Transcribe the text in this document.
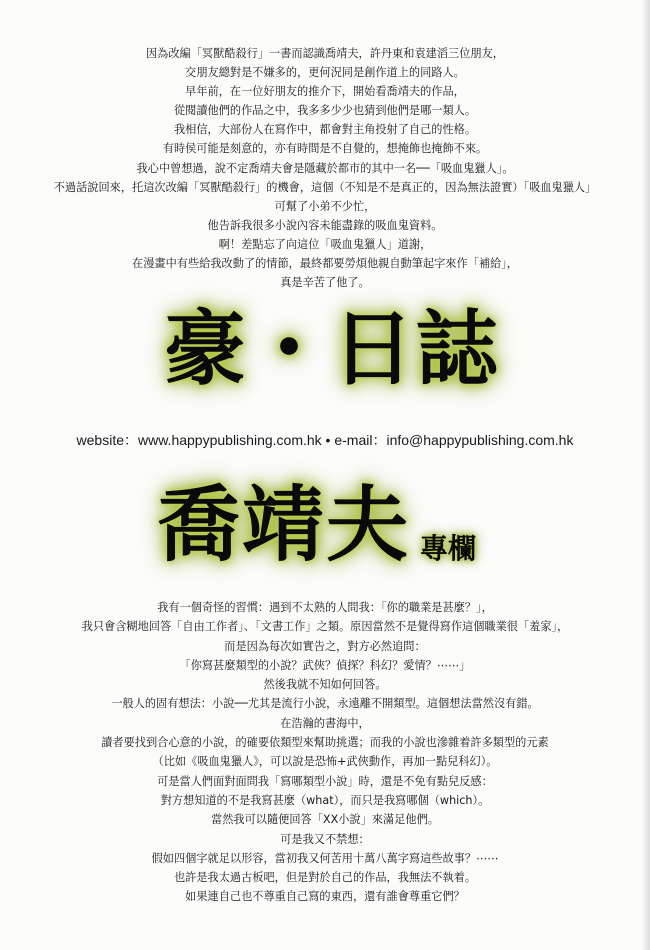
因為改編「冥獸酷殺行」一書而認識喬靖夫，許丹東和袁建滔三位朋友，
交朋友總對是不嫌多的，更何況同是創作道上的同路人。
早年前，在一位好朋友的推介下，開始看喬靖夫的作品，
從閱讀他們的作品之中，我多多少少也猜到他們是哪一類人。
我相信，大部份人在寫作中，都會對主角投射了自己的性格。
有時侯可能是刻意的，亦有時間是不自覺的，想掩飾也掩飾不來。
我心中曾想過，說不定喬靖夫會是隱藏於都市的其中一名──「吸血鬼獵人」。
不過話說回來，托這次改編「冥獸酷殺行」的機會，這個（不知是不是真正的，因為無法證實）「吸血鬼獵人」
可幫了小弟不少忙，
他告訴我很多小說內容未能盡錄的吸血鬼資料。
啊！差點忘了向這位「吸血鬼獵人」道謝，
在漫畫中有些給我改動了的情節，最終都要勞煩他親自動筆起字來作「補給」，
真是辛苦了他了。
豪・日誌
website：www.happypublishing.com.hk • e-mail：info@happypublishing.com.hk
喬靖夫 專欄
我有一個奇怪的習慣：遇到不太熟的人問我：「你的職業是甚麼？」，
我只會含糊地回答「自由工作者」、「文書工作」之類。原因當然不是覺得寫作這個職業很「羞家」，
而是因為每次如實告之，對方必然追問：
「你寫甚麼類型的小說？武俠？偵探？科幻？愛情？⋯⋯」
然後我就不知如何回答。
一般人的固有想法：小說──尤其是流行小說，永遠離不開類型。這個想法當然沒有錯。
在浩瀚的書海中，
讀者要找到合心意的小說，的確要依類型來幫助挑選；而我的小說也滲雜着許多類型的元素
（比如《吸血鬼獵人》，可以說是恐怖+武俠動作，再加一點兒科幻）。
可是當人們面對面問我「寫哪類型小說」時，還是不免有點兒反感：
對方想知道的不是我寫甚麼（what），而只是我寫哪個（which）。
當然我可以隨便回答「XX小說」來滿足他們。
可是我又不禁想：
假如四個字就足以形容，當初我又何苦用十萬八萬字寫這些故事？⋯⋯
也許是我太過古板吧，但是對於自己的作品，我無法不執着。
如果連自己也不尊重自己寫的東西，還有誰會尊重它們？
